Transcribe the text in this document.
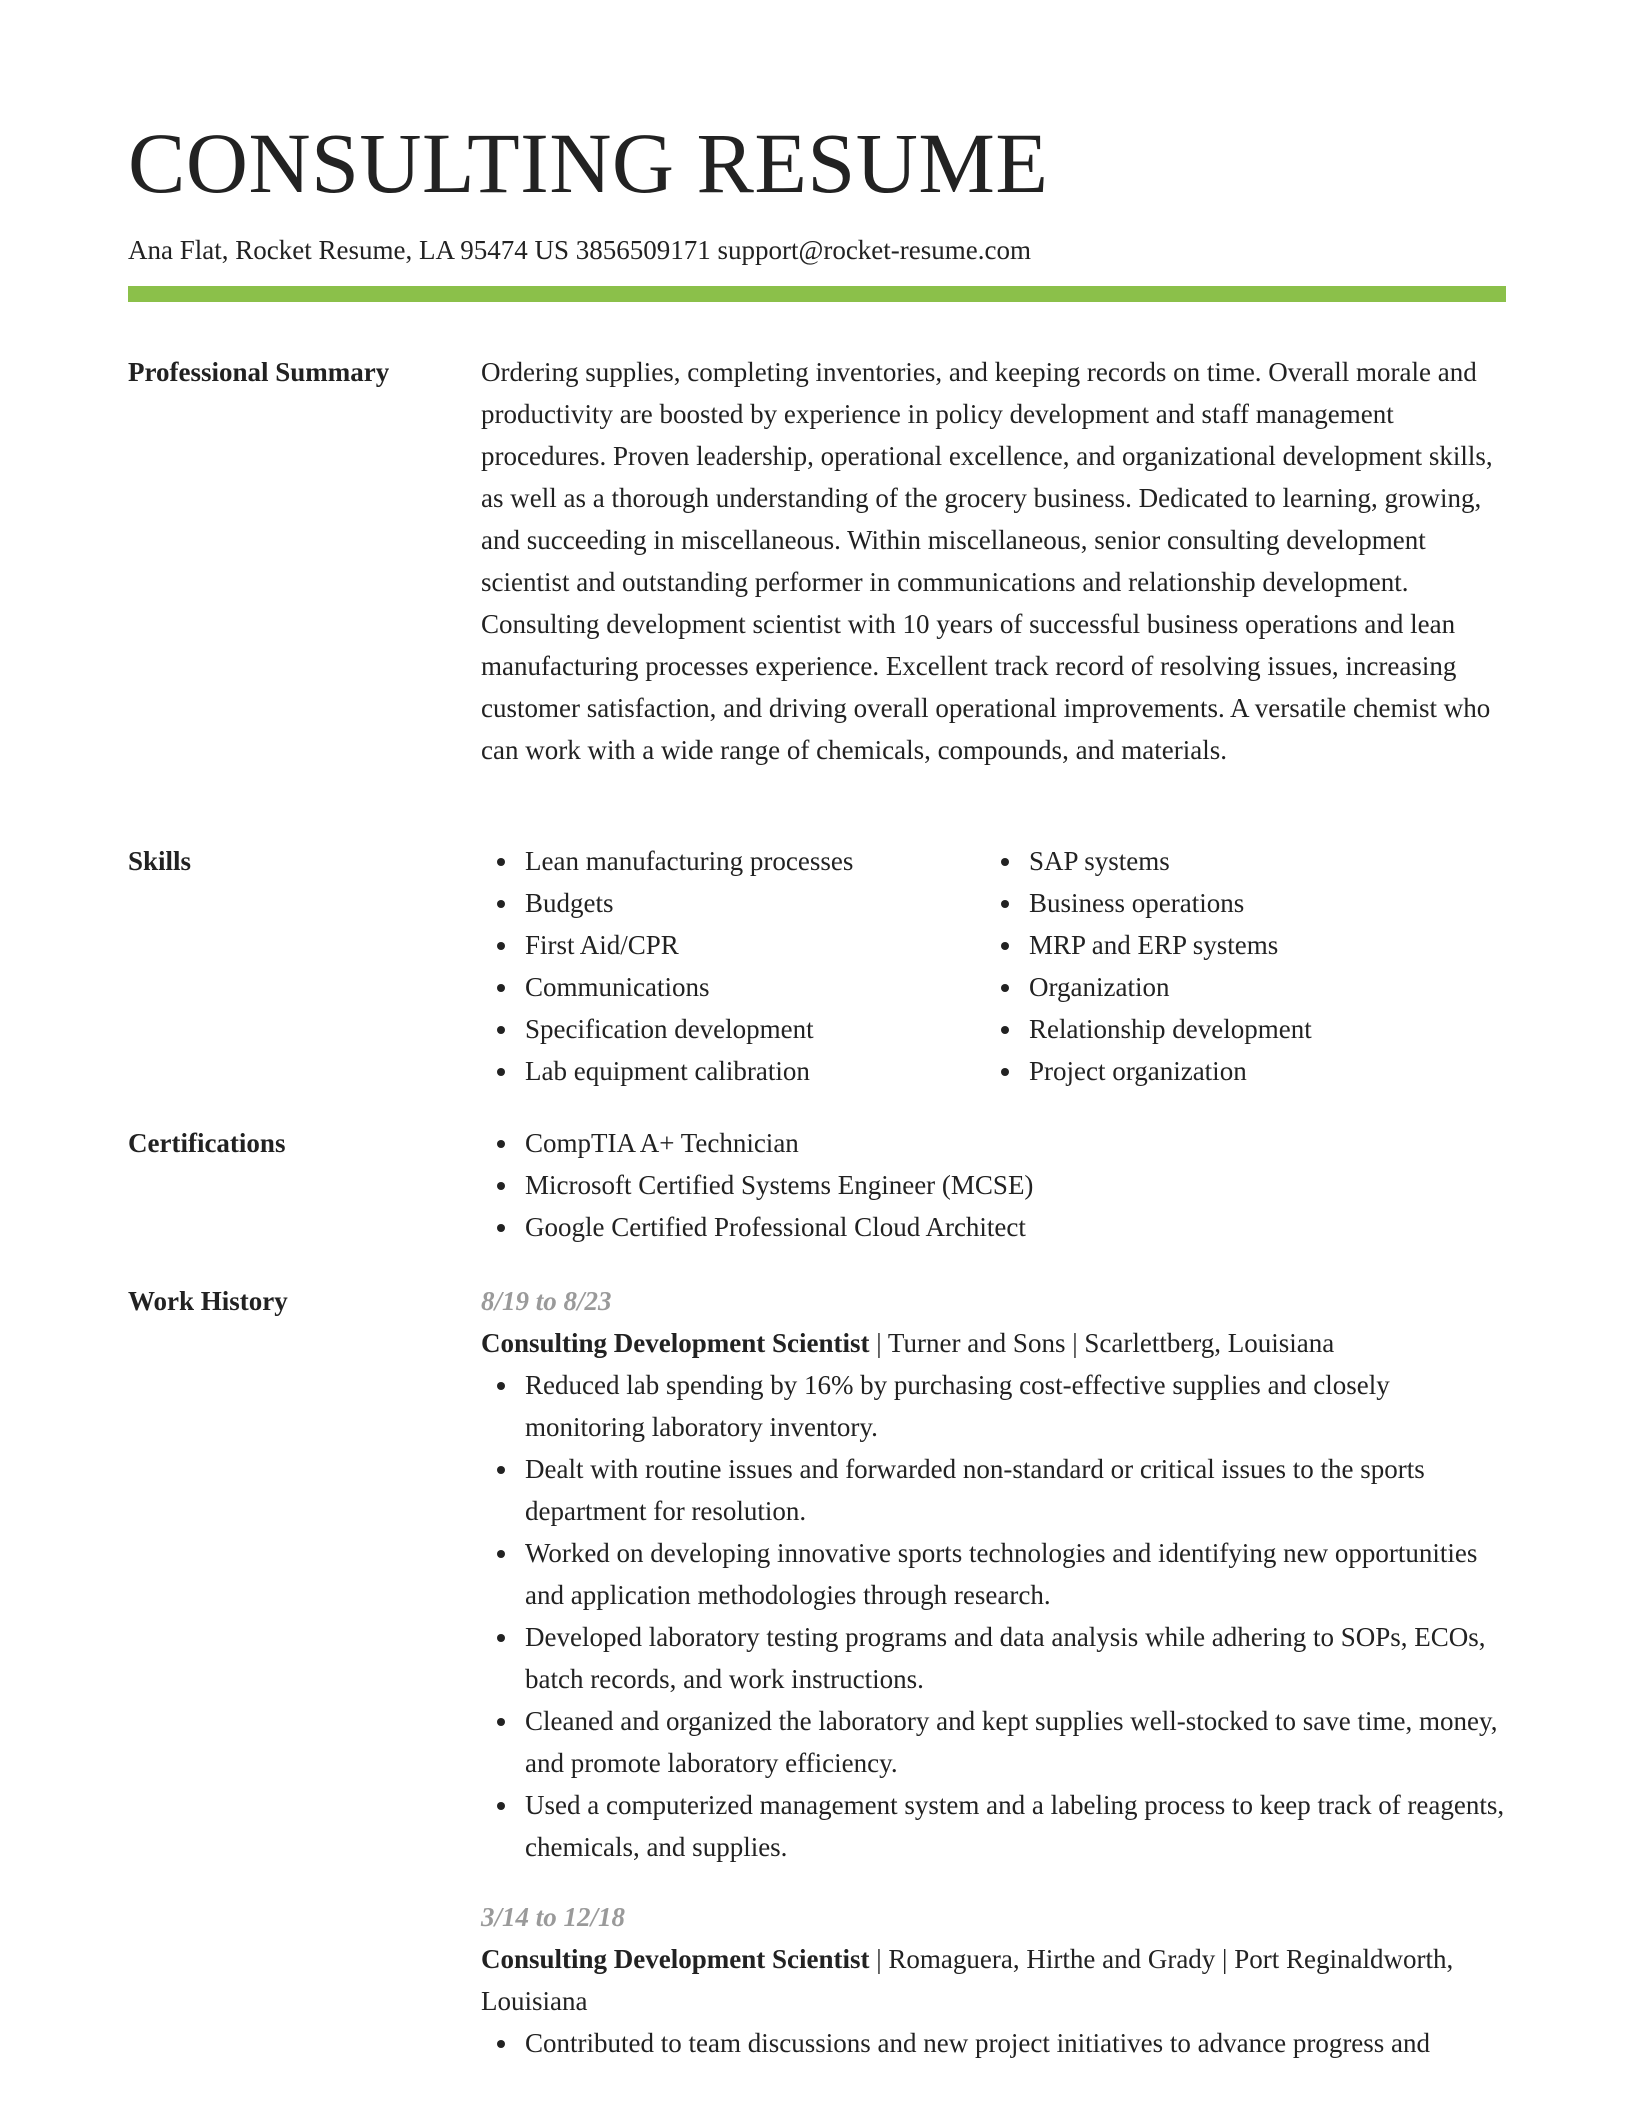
CONSULTING RESUME
Ana Flat, Rocket Resume, LA 95474 US 3856509171 support@rocket-resume.com
Professional Summary	Ordering supplies, completing inventories, and keeping records on time. Overall morale and productivity are boosted by experience in policy development and staff management procedures. Proven leadership, operational excellence, and organizational development skills, as well as a thorough understanding of the grocery business. Dedicated to learning, growing, and succeeding in miscellaneous. Within miscellaneous, senior consulting development scientist and outstanding performer in communications and relationship development. Consulting development scientist with 10 years of successful business operations and lean manufacturing processes experience. Excellent track record of resolving issues, increasing customer satisfaction, and driving overall operational improvements. A versatile chemist who can work with a wide range of chemicals, compounds, and materials.

Skills	Lean manufacturing processes
Budgets
First Aid/CPR
Communications
Specification development
Lab equipment calibration
SAP systems
Business operations
MRP and ERP systems
Organization
Relationship development
Project organization
Certifications	CompTIA A+ Technician
Microsoft Certified Systems Engineer (MCSE)
Google Certified Professional Cloud Architect
Work History	8/19 to 8/23

Consulting Development Scientist | Turner and Sons | Scarlettberg, Louisiana

Reduced lab spending by 16% by purchasing cost-effective supplies and closely monitoring laboratory inventory.
Dealt with routine issues and forwarded non-standard or critical issues to the sports department for resolution.
Worked on developing innovative sports technologies and identifying new opportunities and application methodologies through research.
Developed laboratory testing programs and data analysis while adhering to SOPs, ECOs, batch records, and work instructions.
Cleaned and organized the laboratory and kept supplies well-stocked to save time, money, and promote laboratory efficiency.
Used a computerized management system and a labeling process to keep track of reagents, chemicals, and supplies.
3/14 to 12/18

Consulting Development Scientist | Romaguera, Hirthe and Grady | Port Reginaldworth, Louisiana

Contributed to team discussions and new project initiatives to advance progress and
